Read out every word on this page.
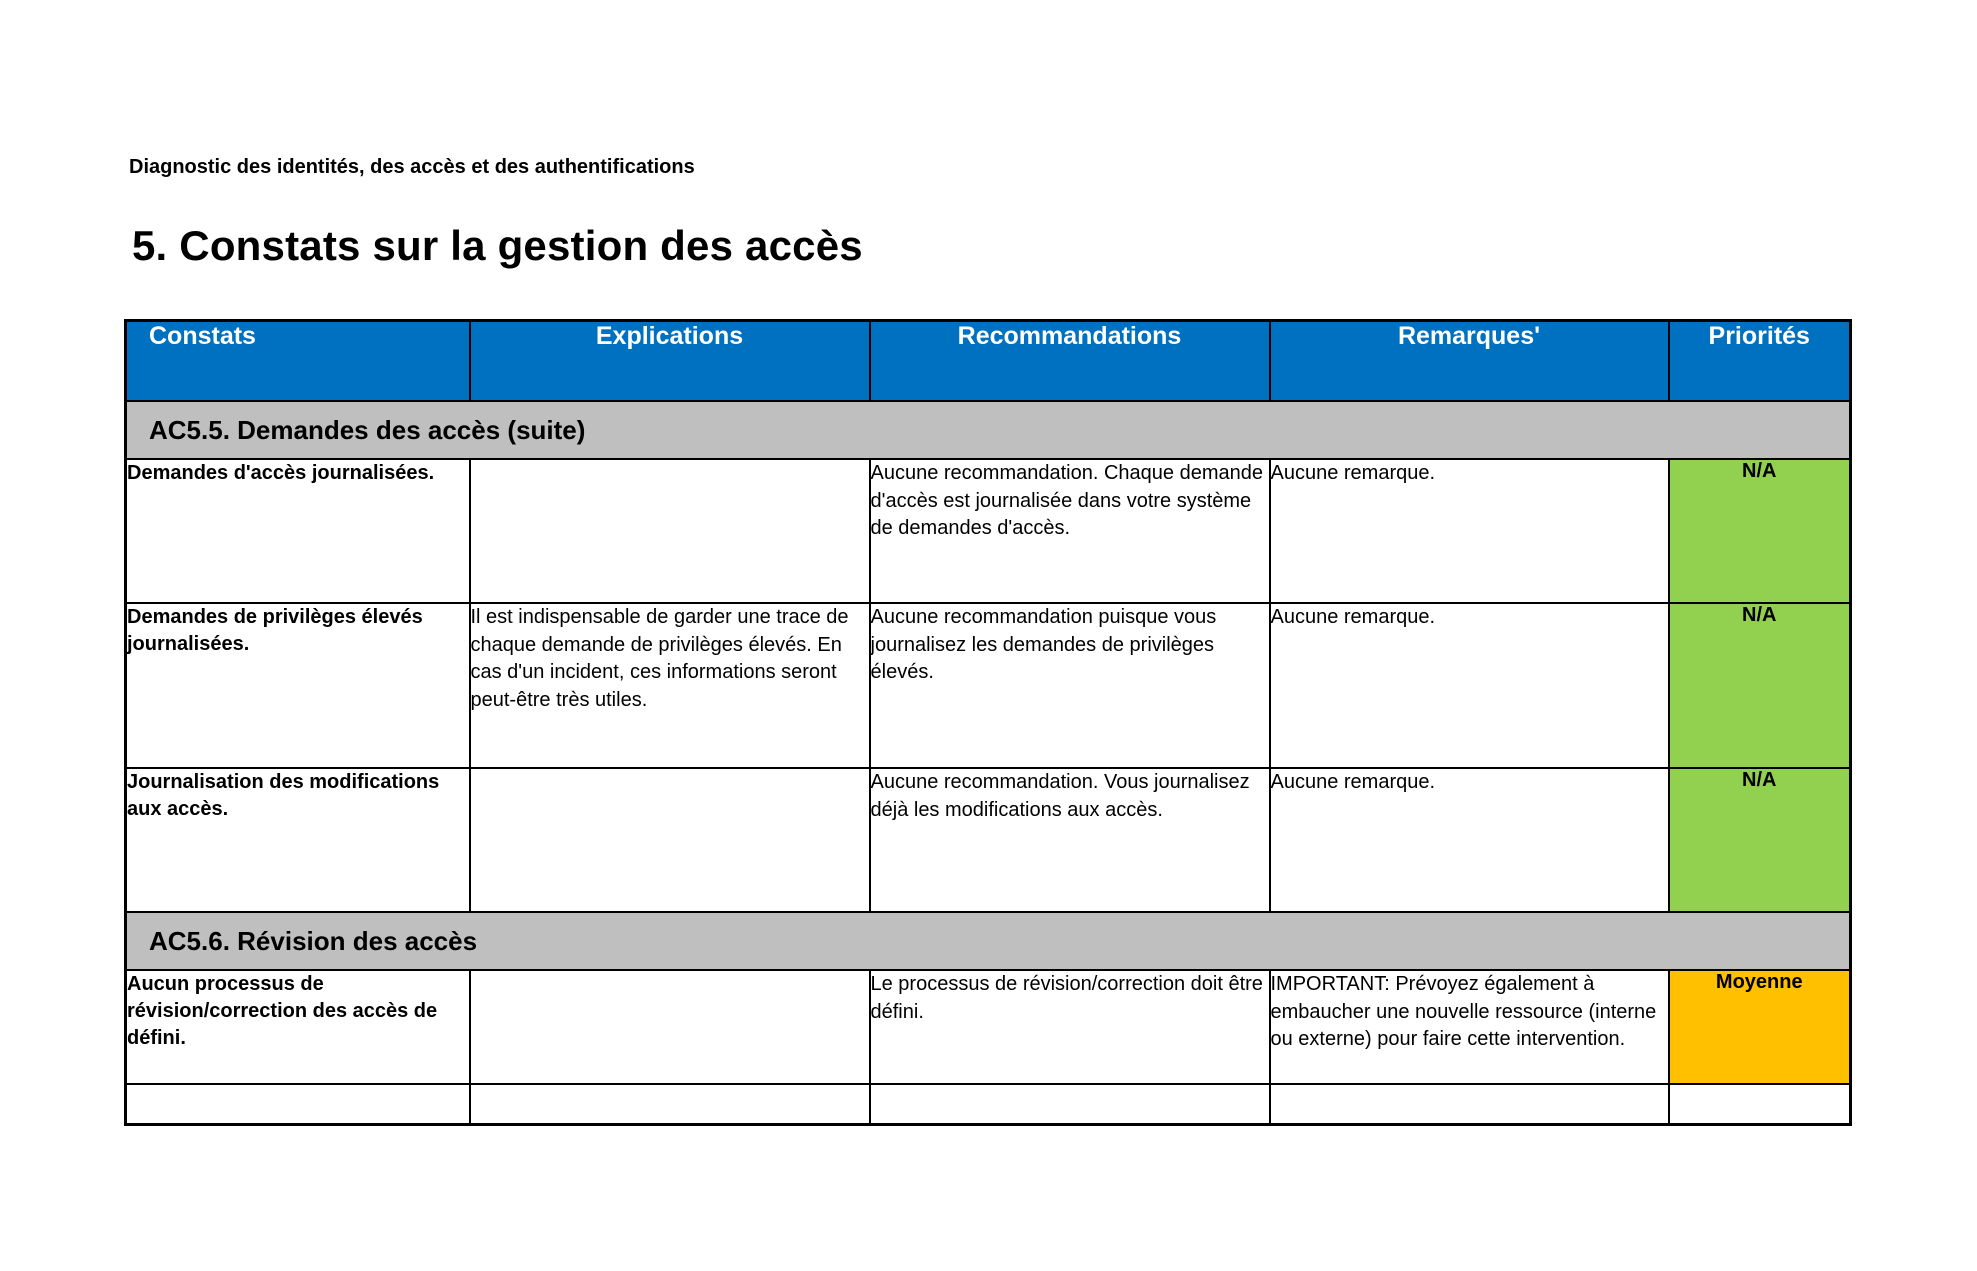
Diagnostic des identités, des accès et des authentifications
5. Constats sur la gestion des accès
Constats	Explications	Recommandations	Remarques'	Priorités
AC5.5. Demandes des accès (suite)				
Demandes d'accès journalisées.		Aucune recommandation. Chaque demande d'accès est journalisée dans votre système de demandes d'accès.	Aucune remarque.	N/A
Demandes de privilèges élevés journalisées.	Il est indispensable de garder une trace de chaque demande de privilèges élevés. En cas d'un incident, ces informations seront peut-être très utiles.	Aucune recommandation puisque vous journalisez les demandes de privilèges élevés.	Aucune remarque.	N/A
Journalisation des modifications aux accès.		Aucune recommandation. Vous journalisez déjà les modifications aux accès.	Aucune remarque.	N/A
AC5.6. Révision des accès				
Aucun processus de révision/correction des accès de défini.		Le processus de révision/correction doit être défini.	IMPORTANT: Prévoyez également à embaucher une nouvelle ressource (interne ou externe) pour faire cette intervention.	Moyenne
